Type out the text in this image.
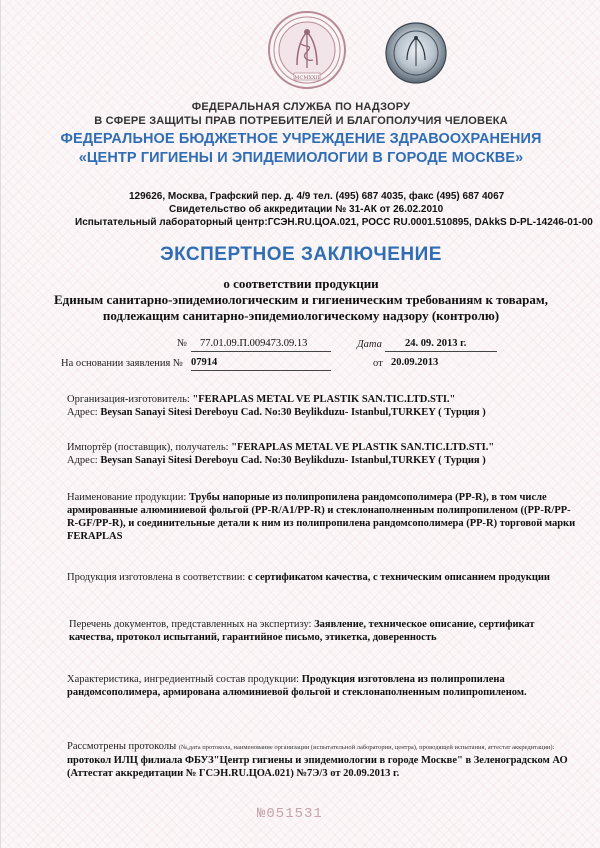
MCMXXII
ФЕДЕРАЛЬНАЯ СЛУЖБА ПО НАДЗОРУ
В СФЕРЕ ЗАЩИТЫ ПРАВ ПОТРЕБИТЕЛЕЙ И БЛАГОПОЛУЧИЯ ЧЕЛОВЕКА
ФЕДЕРАЛЬНОЕ БЮДЖЕТНОЕ УЧРЕЖДЕНИЕ ЗДРАВООХРАНЕНИЯ
«ЦЕНТР ГИГИЕНЫ И ЭПИДЕМИОЛОГИИ В ГОРОДЕ МОСКВЕ»
129626, Москва, Графский пер. д. 4/9 тел. (495) 687 4035, факс (495) 687 4067
Свидетельство об аккредитации № 31-АК от 26.02.2010
Испытательный лабораторный центр:ГСЭН.RU.ЦОА.021, РОСС RU.0001.510895, DAkkS D-PL-14246-01-00
ЭКСПЕРТНОЕ ЗАКЛЮЧЕНИЕ
о соответствии продукции
Единым санитарно-эпидемиологическим и гигиеническим требованиям к товарам,
подлежащим санитарно-эпидемиологическому надзору (контролю)
№ 77.01.09.П.009473.09.13	Дата 24. 09. 2013 г.
На основании заявления № 07914	от 20.09.2013
Организация-изготовитель: "FERAPLAS METAL VE PLASTIK SAN.TIC.LTD.STI."
Адрес: Beysan Sanayi Sitesi Dereboyu Cad. No:30 Beylikduzu- Istanbul,TURKEY ( Турция )
Импортёр (поставщик), получатель: "FERAPLAS METAL VE PLASTIK SAN.TIC.LTD.STI."
Адрес: Beysan Sanayi Sitesi Dereboyu Cad. No:30 Beylikduzu- Istanbul,TURKEY ( Турция )
Наименование продукции: Трубы напорные из полипропилена рандомсополимера (PP-R), в том числе армированные алюминиевой фольгой (PP-R/A1/PP-R) и стеклонаполненным полипропиленом ((PP-R/PP-R-GF/PP-R), и соединительные детали к ним из полипропилена рандомсополимера (PP-R) торговой марки FERAPLAS
Продукция изготовлена в соответствии: с сертификатом качества, с техническим описанием продукции
Перечень документов, представленных на экспертизу: Заявление, техническое описание, сертификат качества, протокол испытаний, гарантийное письмо, этикетка, доверенность
Характеристика, ингредиентный состав продукции: Продукция изготовлена из полипропилена рандомсополимера, армирована алюминиевой фольгой и стеклонаполненным полипропиленом.
Рассмотрены протоколы (№,дата протокола, наименование организации (испытательной лаборатории, центра), проводящей испытания, аттестат аккредитации):
протокол ИЛЦ филиала ФБУЗ"Центр гигиены и эпидемиологии в городе Москве" в Зеленоградском АО (Аттестат аккредитации № ГСЭН.RU.ЦОА.021) №7Э/3 от 20.09.2013 г.
№051531
